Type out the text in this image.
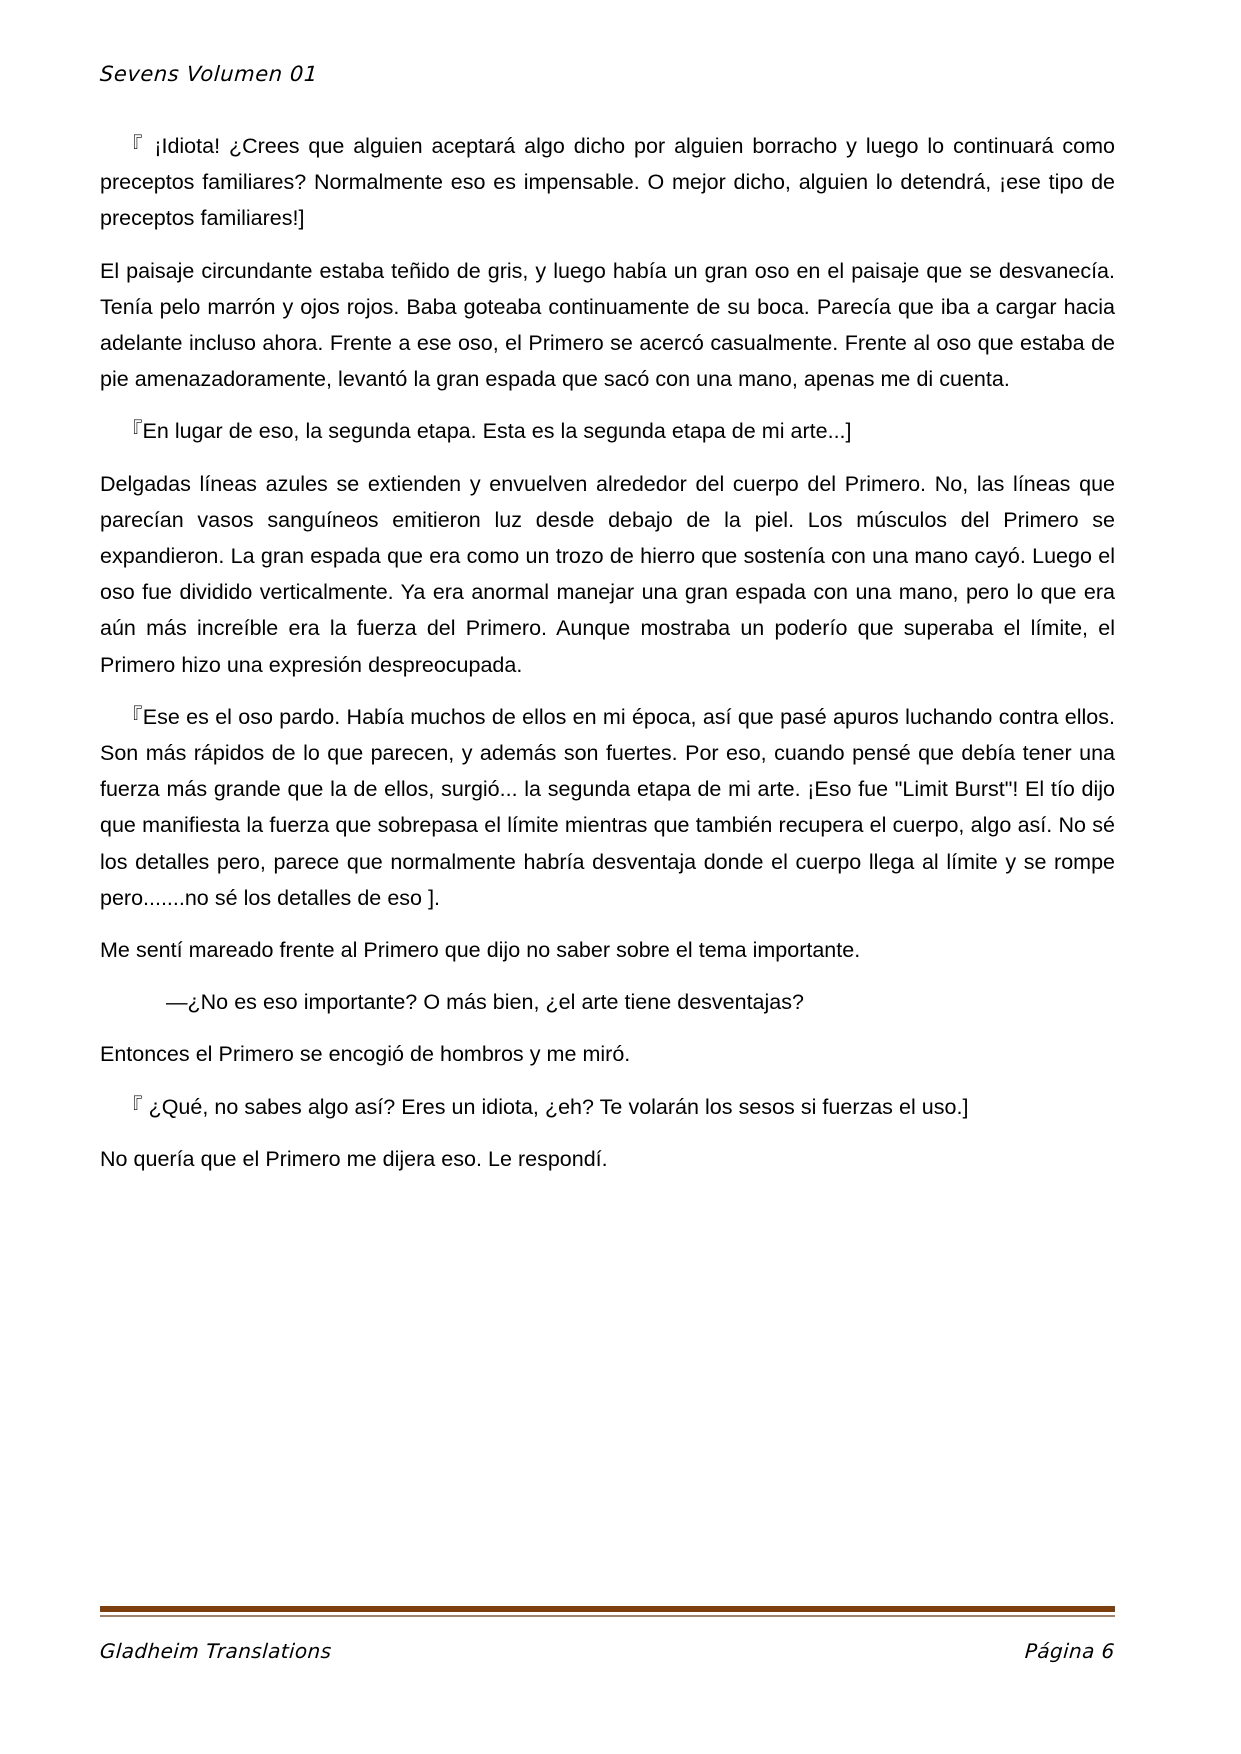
Sevens Volumen 01

『 ¡Idiota! ¿Crees que alguien aceptará algo dicho por alguien borracho y luego lo continuará como preceptos familiares? Normalmente eso es impensable. O mejor dicho, alguien lo detendrá, ¡ese tipo de preceptos familiares!]

El paisaje circundante estaba teñido de gris, y luego había un gran oso en el paisaje que se desvanecía. Tenía pelo marrón y ojos rojos. Baba goteaba continuamente de su boca. Parecía que iba a cargar hacia adelante incluso ahora. Frente a ese oso, el Primero se acercó casualmente. Frente al oso que estaba de pie amenazadoramente, levantó la gran espada que sacó con una mano, apenas me di cuenta.

『En lugar de eso, la segunda etapa. Esta es la segunda etapa de mi arte...]

Delgadas líneas azules se extienden y envuelven alrededor del cuerpo del Primero. No, las líneas que parecían vasos sanguíneos emitieron luz desde debajo de la piel. Los músculos del Primero se expandieron. La gran espada que era como un trozo de hierro que sostenía con una mano cayó. Luego el oso fue dividido verticalmente. Ya era anormal manejar una gran espada con una mano, pero lo que era aún más increíble era la fuerza del Primero. Aunque mostraba un poderío que superaba el límite, el Primero hizo una expresión despreocupada.

『Ese es el oso pardo. Había muchos de ellos en mi época, así que pasé apuros luchando contra ellos. Son más rápidos de lo que parecen, y además son fuertes. Por eso, cuando pensé que debía tener una fuerza más grande que la de ellos, surgió... la segunda etapa de mi arte. ¡Eso fue "Limit Burst"! El tío dijo que manifiesta la fuerza que sobrepasa el límite mientras que también recupera el cuerpo, algo así. No sé los detalles pero, parece que normalmente habría desventaja donde el cuerpo llega al límite y se rompe pero.......no sé los detalles de eso ].

Me sentí mareado frente al Primero que dijo no saber sobre el tema importante.

—¿No es eso importante? O más bien, ¿el arte tiene desventajas?

Entonces el Primero se encogió de hombros y me miró.

『 ¿Qué, no sabes algo así? Eres un idiota, ¿eh? Te volarán los sesos si fuerzas el uso.]

No quería que el Primero me dijera eso. Le respondí.

Gladheim Translations	Página 6
